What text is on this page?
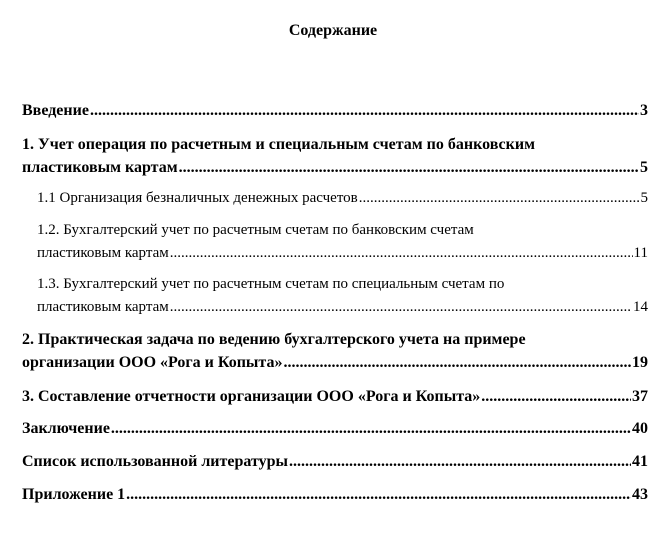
Содержание
Введение .....	3
1. Учет операция по расчетным и специальным счетам по банковским
пластиковым картам .....	5
1.1 Организация безналичных денежных расчетов .....	5
1.2. Бухгалтерский учет по расчетным счетам по банковским счетам
пластиковым картам .....	11
1.3. Бухгалтерский учет по расчетным счетам по специальным счетам по
пластиковым картам .....	14
2. Практическая задача по ведению бухгалтерского учета на примере
организации ООО «Рога и Копыта» .....	19
3. Составление отчетности организации ООО «Рога и Копыта» .....	37
Заключение .....	40
Список использованной литературы .....	41
Приложение 1 .....	43
